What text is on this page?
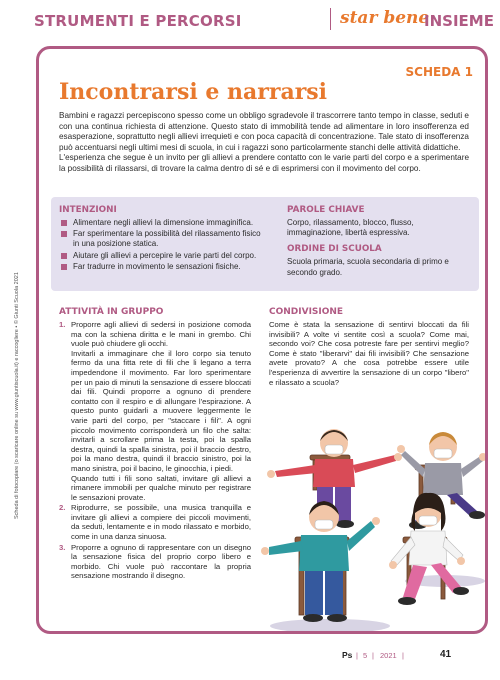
STRUMENTI E PERCORSI	star bene
INSIEME
Scheda di fotocopiare (o scaricare online su www.giuntiscuola.it) e raccogliere • © Giunti Scuola 2021
SCHEDA 1
Incontrarsi e narrarsi

Bambini e ragazzi percepiscono spesso come un obbligo sgradevole il trascorrere tanto tempo in classe, seduti e con una continua richiesta di attenzione. Questo stato di immobilità tende ad alimentare in loro insofferenza ed esasperazione, soprattutto negli allievi irrequieti e con poca capacità di concentrazione. Tale stato di insofferenza può accentuarsi negli ultimi mesi di scuola, in cui i ragazzi sono particolarmente stanchi delle attività didattiche.

L'esperienza che segue è un invito per gli allievi a prendere contatto con le varie parti del corpo e a sperimentare la possibilità di rilassarsi, di trovare la calma dentro di sé e di esprimersi con il movimento del corpo.

INTENZIONI
Alimentare negli allievi la dimensione immaginifica.
Far sperimentare la possibilità del rilassamento fisico in una posizione statica.
Aiutare gli allievi a percepire le varie parti del corpo.
Far tradurre in movimento le sensazioni fisiche.
PAROLE CHIAVE
Corpo, rilassamento, blocco, flusso, immaginazione, libertà espressiva.
ORDINE DI SCUOLA
Scuola primaria, scuola secondaria di primo e secondo grado.
ATTIVITÀ IN GRUPPO
1. Proporre agli allievi di sedersi in posizione comoda ma con la schiena diritta e le mani in grembo. Chi vuole può chiudere gli occhi.
Invitarli a immaginare che il loro corpo sia tenuto fermo da una fitta rete di fili che li legano a terra impedendone il movimento. Far loro sperimentare per un paio di minuti la sensazione di essere bloccati dai fili. Quindi proporre a ognuno di prendere contatto con il respiro e di allungare l'espirazione. A questo punto guidarli a muovere leggermente le varie parti del corpo, per "staccare i fili". A ogni piccolo movimento corrisponderà un filo che salta: invitarli a scrollare prima la testa, poi la spalla destra, quindi la spalla sinistra, poi il braccio destro, poi la mano destra, quindi il braccio sinistro, poi la mano sinistra, poi il bacino, le ginocchia, i piedi.
Quando tutti i fili sono saltati, invitare gli allievi a rimanere immobili per qualche minuto per registrare le sensazioni provate.
2. Riprodurre, se possibile, una musica tranquilla e invitare gli allievi a compiere dei piccoli movimenti, da seduti, lentamente e in modo rilassato e morbido, come in una danza sinuosa.
3. Proporre a ognuno di rappresentare con un disegno la sensazione fisica del proprio corpo libero e morbido. Chi vuole può raccontare la propria sensazione mostrando il disegno.
CONDIVISIONE
Come è stata la sensazione di sentirvi bloccati da fili invisibili? A volte vi sentite così a scuola? Come mai, secondo voi? Che cosa potreste fare per sentirvi meglio? Come è stato "liberarvi" dai fili invisibili? Che sensazione avete provato? A che cosa potrebbe essere utile l'esperienza di avvertire la sensazione di un corpo "libero" e rilassato a scuola?
Ps | 5 | 2021 |	41
